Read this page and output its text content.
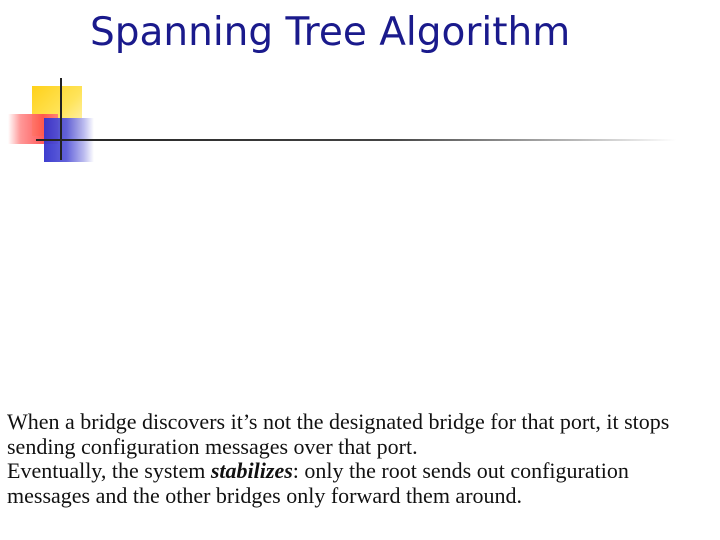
Spanning Tree Algorithm
When a bridge discovers it’s not the designated bridge for that port, it stops sending configuration messages over that port.
Eventually, the system stabilizes: only the root sends out configuration messages and the other bridges only forward them around.
